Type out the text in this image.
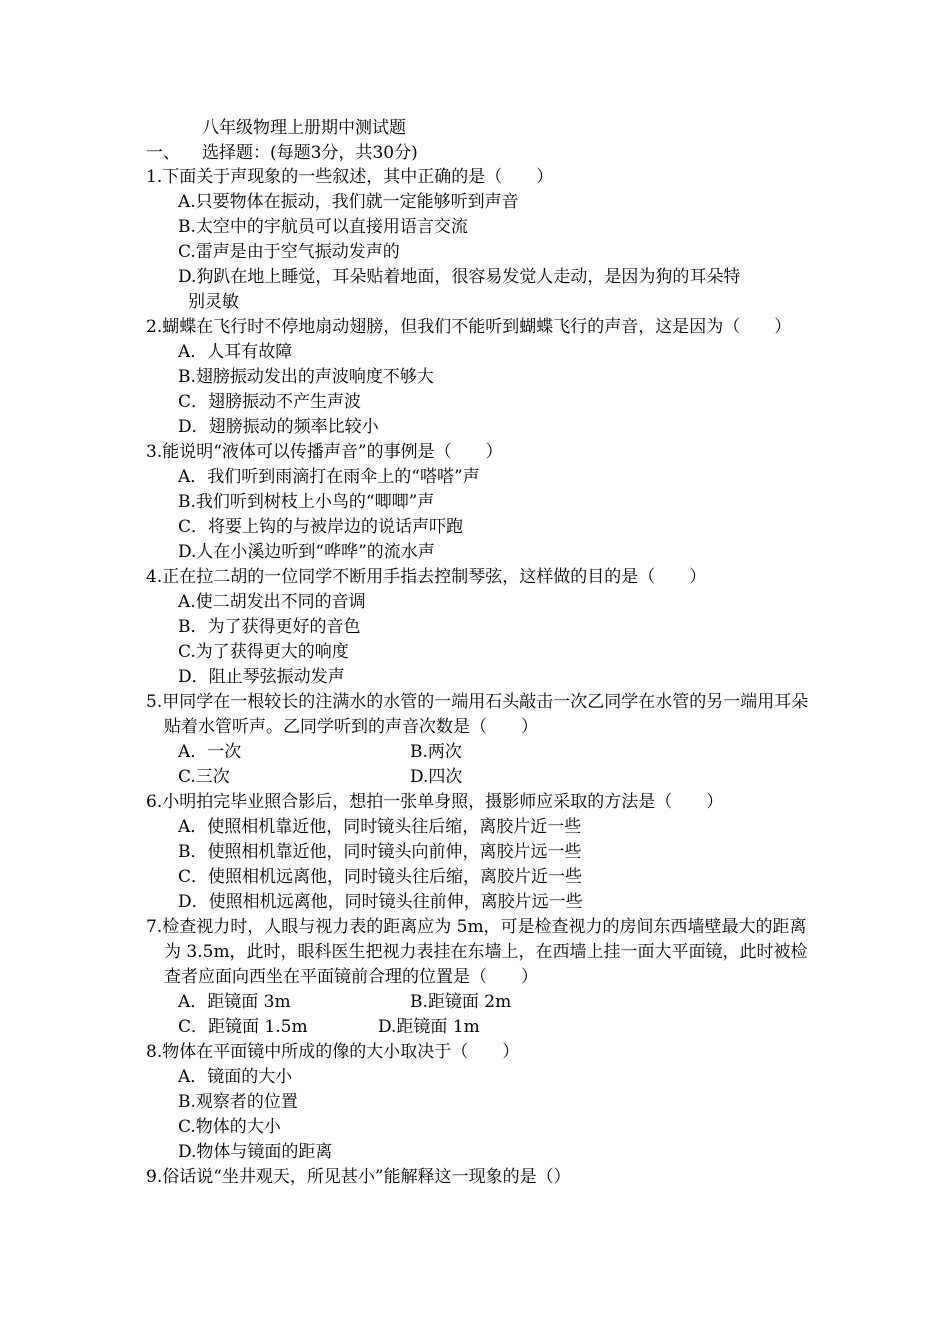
八年级物理上册期中测试题
一、 选择题：(每题3分，共30分)
1.下面关于声现象的一些叙述，其中正确的是（　　）
A.只要物体在振动，我们就一定能够听到声音
B.太空中的宇航员可以直接用语言交流
C.雷声是由于空气振动发声的
D.狗趴在地上睡觉，耳朵贴着地面，很容易发觉人走动，是因为狗的耳朵特
别灵敏
2.蝴蝶在飞行时不停地扇动翅膀，但我们不能听到蝴蝶飞行的声音，这是因为（　　）
A．人耳有故障
B.翅膀振动发出的声波响度不够大
C．翅膀振动不产生声波
D．翅膀振动的频率比较小
3.能说明“液体可以传播声音”的事例是（　　）
A．我们听到雨滴打在雨伞上的“嗒嗒”声
B.我们听到树枝上小鸟的“唧唧”声
C．将要上钩的与被岸边的说话声吓跑
D.人在小溪边听到“哗哗”的流水声
4.正在拉二胡的一位同学不断用手指去控制琴弦，这样做的目的是（　　）
A.使二胡发出不同的音调
B．为了获得更好的音色
C.为了获得更大的响度
D．阻止琴弦振动发声
5.甲同学在一根较长的注满水的水管的一端用石头敲击一次乙同学在水管的另一端用耳朵贴着水管听声。乙同学听到的声音次数是（　　）
A．一次	B.两次
C.三次	D.四次
6.小明拍完毕业照合影后，想拍一张单身照，摄影师应采取的方法是（　　）
A．使照相机靠近他，同时镜头往后缩，离胶片近一些
B．使照相机靠近他，同时镜头向前伸，离胶片远一些
C．使照相机远离他，同时镜头往后缩，离胶片近一些
D．使照相机远离他，同时镜头往前伸，离胶片远一些
7.检查视力时，人眼与视力表的距离应为 5m，可是检查视力的房间东西墙壁最大的距离为 3.5m，此时，眼科医生把视力表挂在东墙上，在西墙上挂一面大平面镜，此时被检查者应面向西坐在平面镜前合理的位置是（　　）
A．距镜面 3m	B.距镜面 2m
C．距镜面 1.5m	D.距镜面 1m
8.物体在平面镜中所成的像的大小取决于（　　）
A．镜面的大小
B.观察者的位置
C.物体的大小
D.物体与镜面的距离
9.俗话说“坐井观天，所见甚小”能解释这一现象的是（）
